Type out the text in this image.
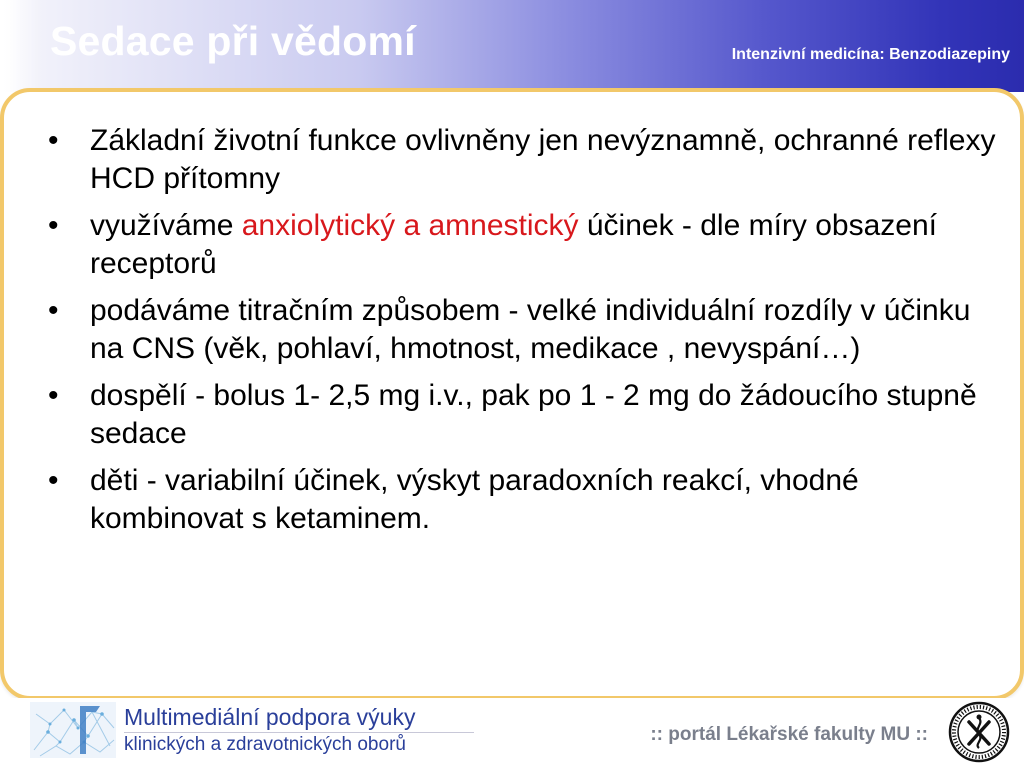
Sedace při vědomí	Intenzivní medicína: Benzodiazepiny
•	Základní životní funkce ovlivněny jen nevýznamně, ochranné reflexy HCD přítomny
•	využíváme anxiolytický a amnestický účinek - dle míry obsazení receptorů
•	podáváme titračním způsobem - velké individuální rozdíly v účinku na CNS (věk, pohlaví, hmotnost, medikace , nevyspání…)
•	dospělí - bolus 1- 2,5 mg i.v., pak po 1 - 2 mg do žádoucího stupně sedace
•	děti - variabilní účinek, výskyt paradoxních reakcí, vhodné kombinovat s ketaminem.
Multimediální podpora výuky
klinických a zdravotnických oborů	:: portál Lékařské fakulty MU ::
